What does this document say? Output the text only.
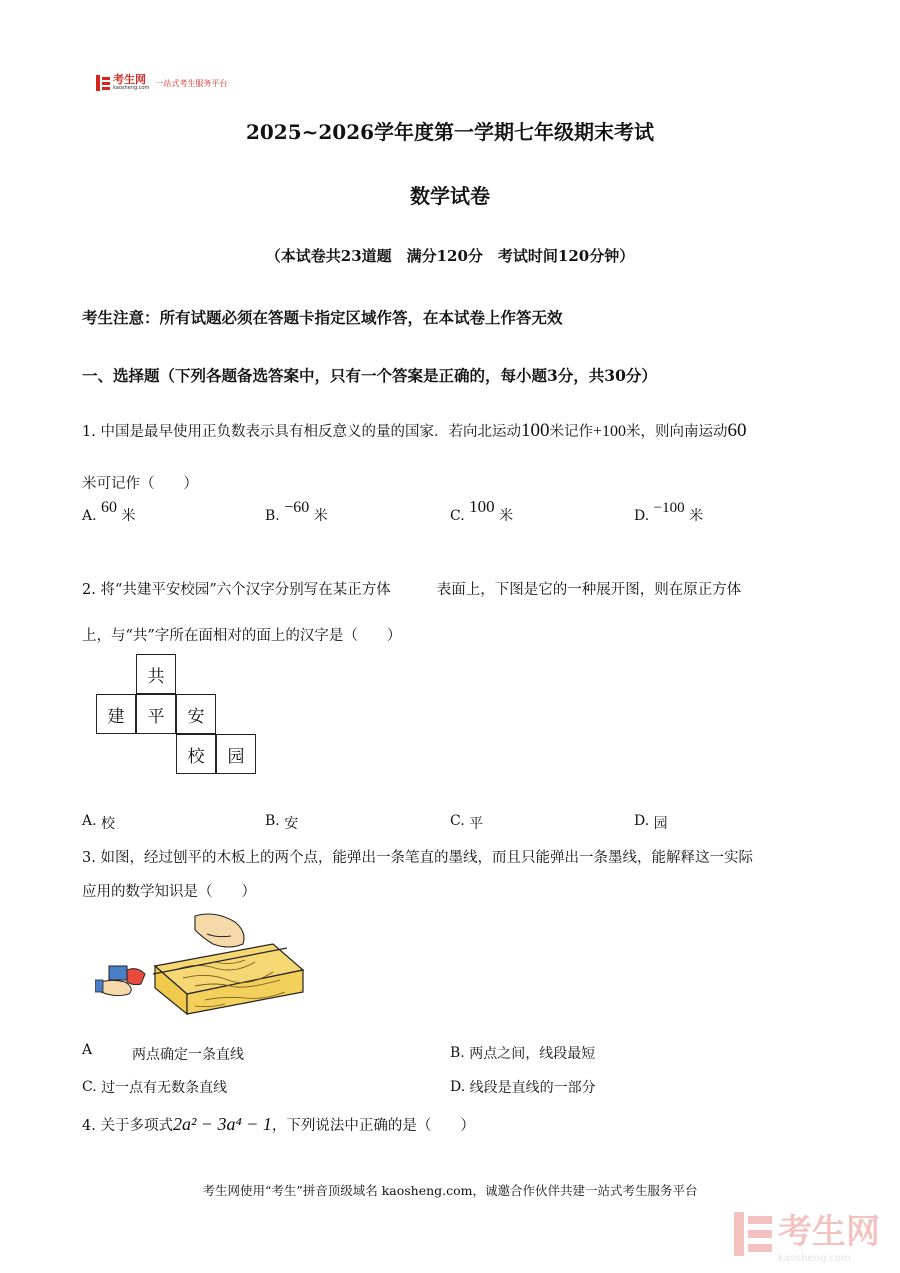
考生网
kaosheng.com
一站式考生服务平台
2025~2026学年度第一学期七年级期末考试
数学试卷
（本试卷共23道题　满分120分　考试时间120分钟）
考生注意：所有试题必须在答题卡指定区域作答，在本试卷上作答无效
一、选择题（下列各题备选答案中，只有一个答案是正确的，每小题3分，共30分）
1. 中国是最早使用正负数表示具有相反意义的量的国家．若向北运动100米记作+100米，则向南运动60
米可记作（　　）
A. 60 米	B. −60 米	C. 100 米	D. −100 米
2. 将“共建平安校园”六个汉字分别写在某正方体	表面上，下图是它的一种展开图，则在原正方体
上，与“共”字所在面相对的面上的汉字是（　　）
共
建	平	安
校	园
A. 校	B. 安	C. 平	D. 园
3. 如图，经过刨平的木板上的两个点，能弹出一条笔直的墨线，而且只能弹出一条墨线，能解释这一实际
应用的数学知识是（　　）
A	两点确定一条直线	B. 两点之间，线段最短
C. 过一点有无数条直线	D. 线段是直线的一部分
4. 关于多项式2a² − 3a⁴ − 1，下列说法中正确的是（　　）
考生网使用“考生”拼音顶级域名 kaosheng.com，诚邀合作伙伴共建一站式考生服务平台
考生网
kaosheng.com
